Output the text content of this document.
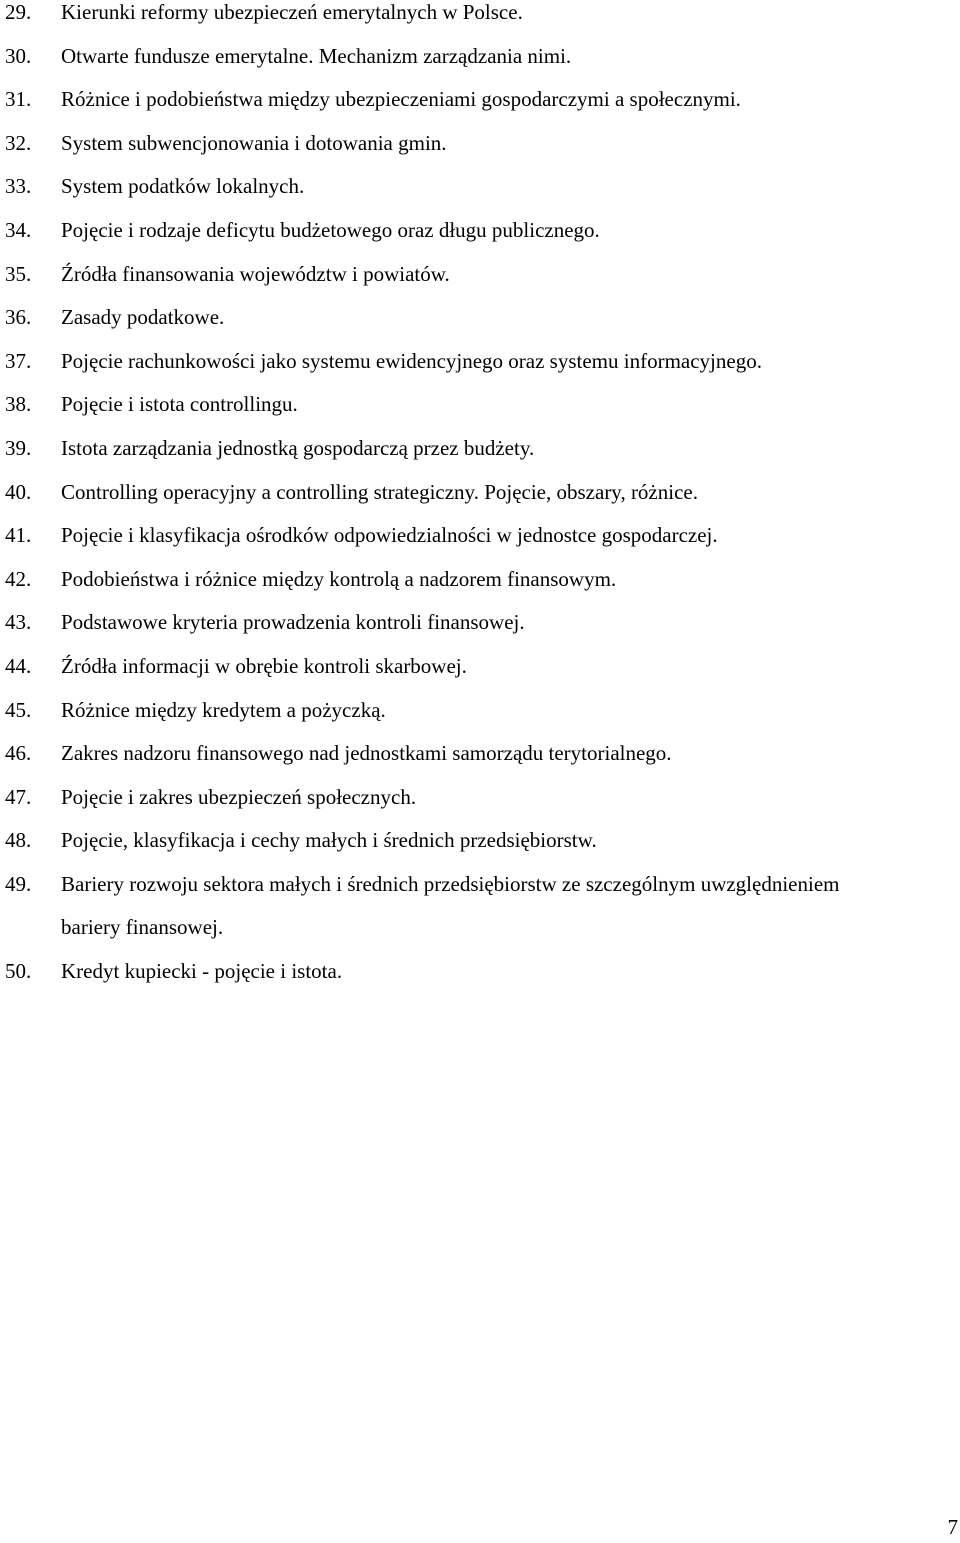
29.	Kierunki reformy ubezpieczeń emerytalnych w Polsce.
30.	Otwarte fundusze emerytalne. Mechanizm zarządzania nimi.
31.	Różnice i podobieństwa między ubezpieczeniami gospodarczymi a społecznymi.
32.	System subwencjonowania i dotowania gmin.
33.	System podatków lokalnych.
34.	Pojęcie i rodzaje deficytu budżetowego oraz długu publicznego.
35.	Źródła finansowania województw i powiatów.
36.	Zasady podatkowe.
37.	Pojęcie rachunkowości jako systemu ewidencyjnego oraz systemu informacyjnego.
38.	Pojęcie i istota controllingu.
39.	Istota zarządzania jednostką gospodarczą przez budżety.
40.	Controlling operacyjny a controlling strategiczny. Pojęcie, obszary, różnice.
41.	Pojęcie i klasyfikacja ośrodków odpowiedzialności w jednostce gospodarczej.
42.	Podobieństwa i różnice między kontrolą a nadzorem finansowym.
43.	Podstawowe kryteria prowadzenia kontroli finansowej.
44.	Źródła informacji w obrębie kontroli skarbowej.
45.	Różnice między kredytem a pożyczką.
46.	Zakres nadzoru finansowego nad jednostkami samorządu terytorialnego.
47.	Pojęcie i zakres ubezpieczeń społecznych.
48.	Pojęcie, klasyfikacja i cechy małych i średnich przedsiębiorstw.
49.	Bariery rozwoju sektora małych i średnich przedsiębiorstw ze szczególnym uwzględnieniem bariery finansowej.
50.	Kredyt kupiecki - pojęcie i istota.
7
